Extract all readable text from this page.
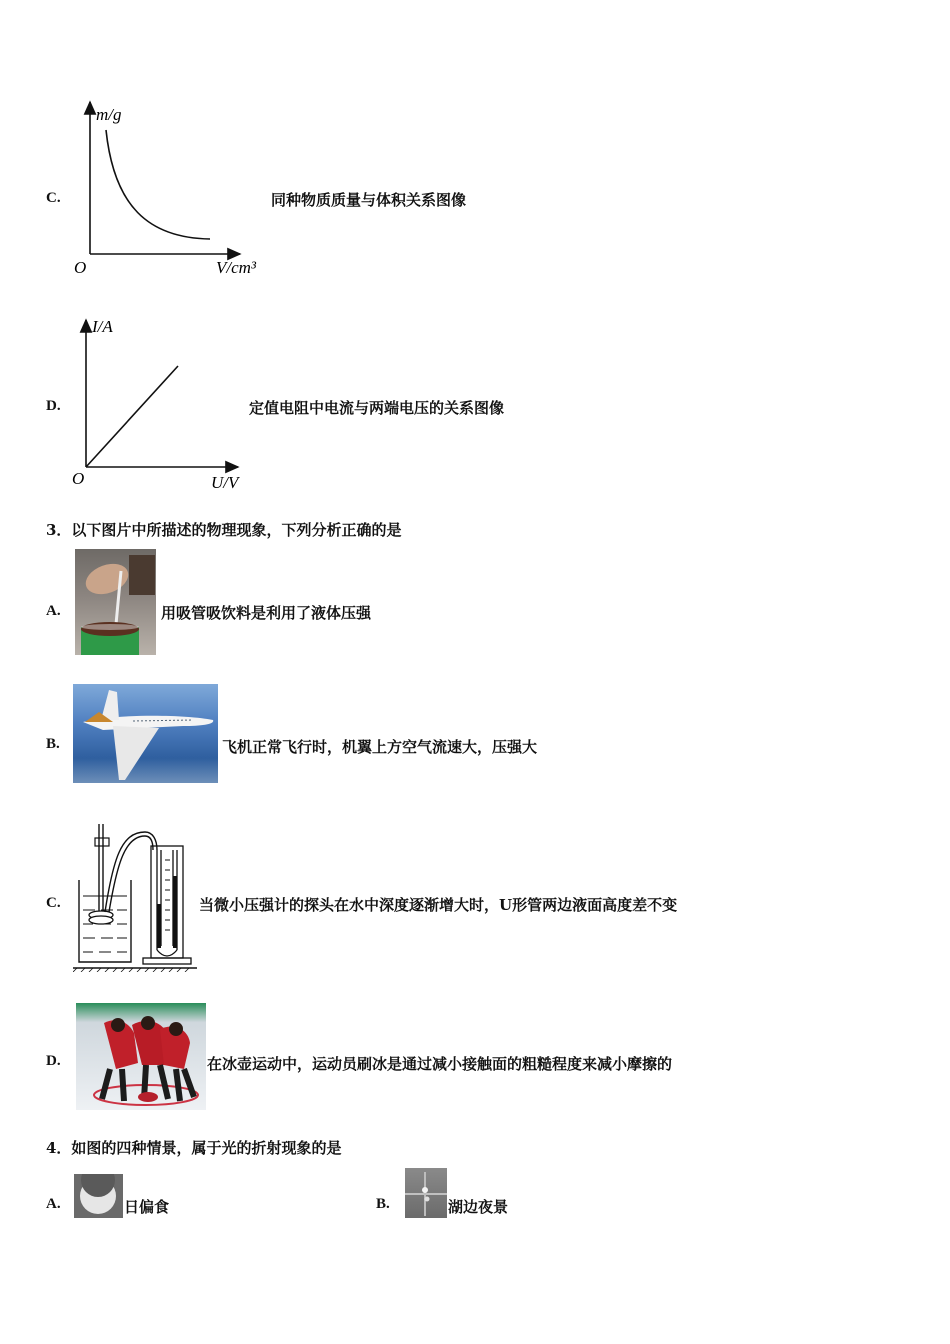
C.
m/g
V/cm³
O
同种物质质量与体积关系图像
D.
I/A
U/V
O
定值电阻中电流与两端电压的关系图像
3．以下图片中所描述的物理现象，下列分析正确的是
A.	用吸管吸饮料是利用了液体压强
B.	飞机正常飞行时，机翼上方空气流速大，压强大
C.	当微小压强计的探头在水中深度逐渐增大时，U形管两边液面高度差不变
D.	在冰壶运动中，运动员刷冰是通过减小接触面的粗糙程度来减小摩擦的
4．如图的四种情景，属于光的折射现象的是
A.	日偏食	B.	湖边夜景
